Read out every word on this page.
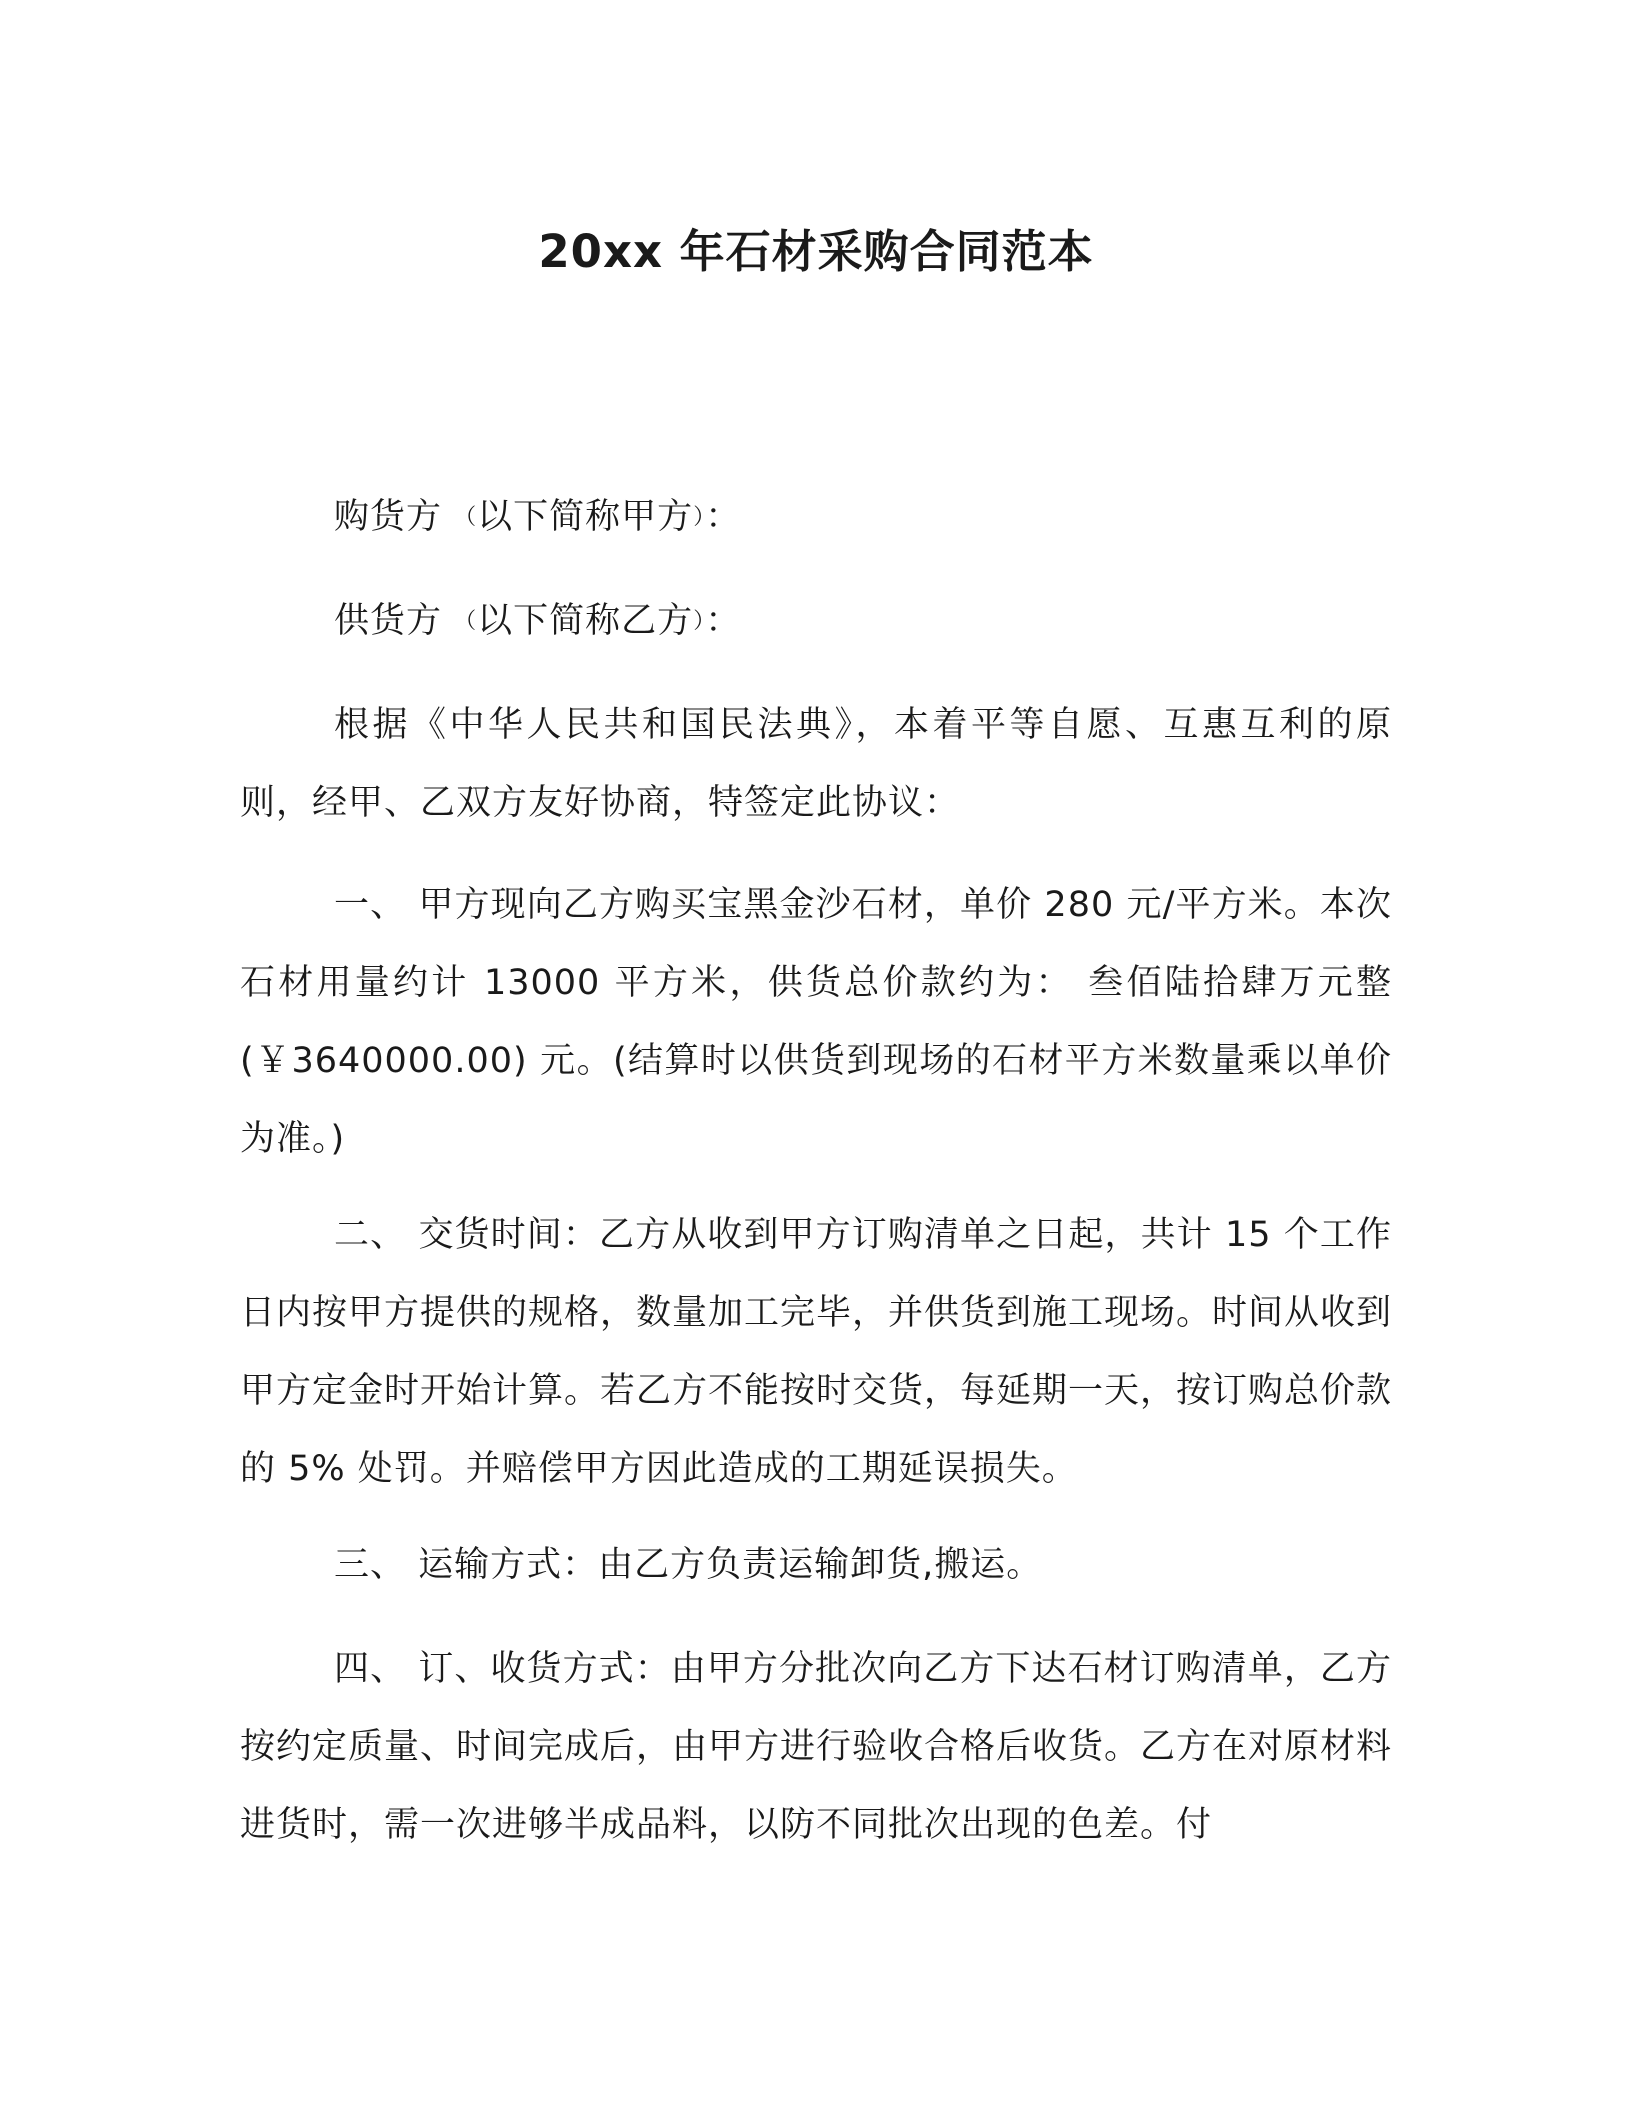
20xx 年石材采购合同范本

购货方 （以下简称甲方）：

供货方 （以下简称乙方）：

根据《中华人民共和国民法典》，本着平等自愿、互惠互利的原则，经甲、乙双方友好协商，特签定此协议：

一、 甲方现向乙方购买宝黑金沙石材，单价 280 元/平方米。本次石材用量约计 13000 平方米，供货总价款约为： 叁佰陆拾肆万元整(￥3640000.00) 元。(结算时以供货到现场的石材平方米数量乘以单价为准。)

二、 交货时间：乙方从收到甲方订购清单之日起，共计 15 个工作日内按甲方提供的规格，数量加工完毕，并供货到施工现场。时间从收到甲方定金时开始计算。若乙方不能按时交货，每延期一天，按订购总价款的 5% 处罚。并赔偿甲方因此造成的工期延误损失。

三、 运输方式：由乙方负责运输卸货,搬运。

四、 订、收货方式：由甲方分批次向乙方下达石材订购清单，乙方按约定质量、时间完成后，由甲方进行验收合格后收货。乙方在对原材料进货时，需一次进够半成品料，以防不同批次出现的色差。付
